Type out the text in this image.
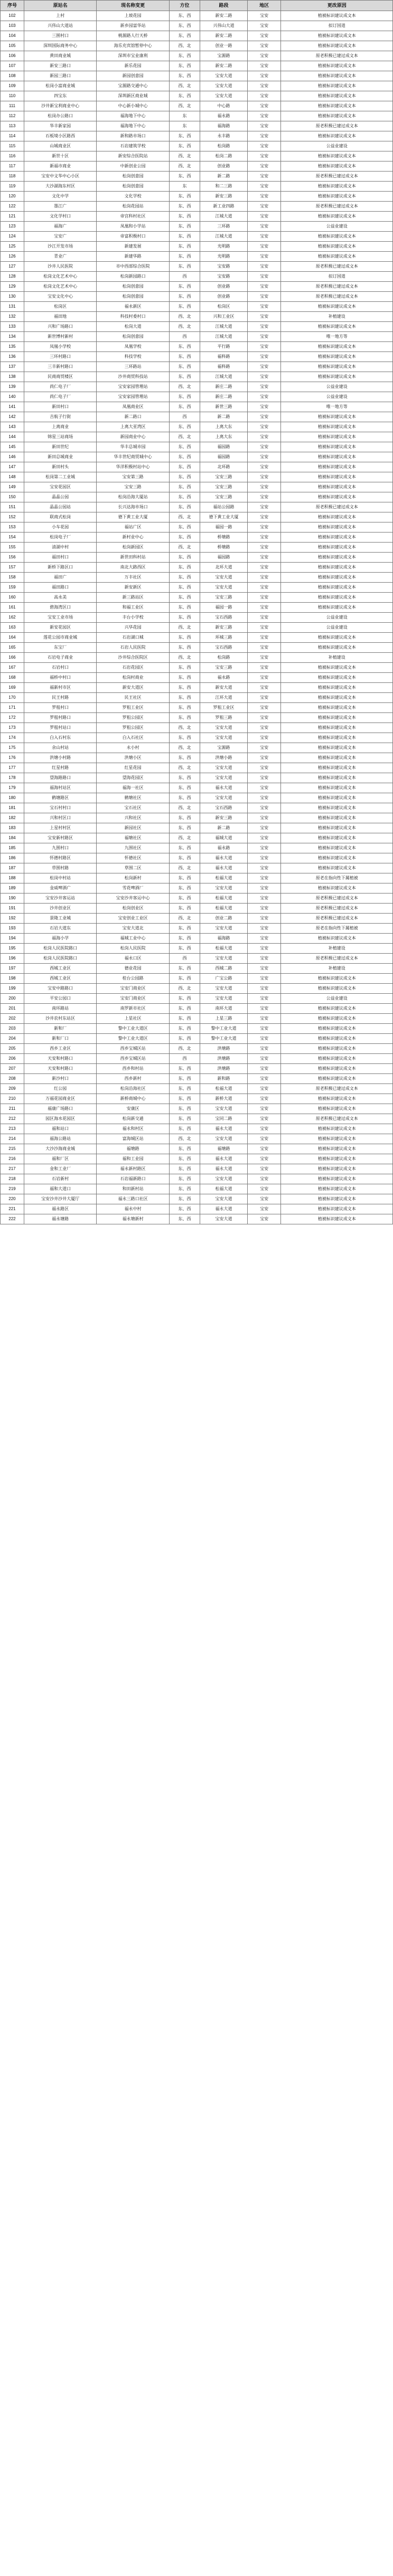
序号	原站名	现名称变更	方位	路段	地区	更改原因
102	上村	上坡花园	东、西	新安二路	宝安	植被标识建议成文本
103	兴伟山大道站	新乡园富华站	东、西	兴伟山大道	宝安	拟订国道
104	三围村口	桃源路人行天桥	东、西	新安二路	宝安	植被标识建议成文本
105	深圳国际商务中心	海乐充宾馆暂停中心	西、北	创业一路	宝安	植被标识建议成文本
106	黄田商业城	深圳市宝业康利	东、西	宝源路	宝安	原老积极已建过成文本
107	新安三路口	新乐花园	东、西	新安二路	宝安	植被标识建议成文本
108	新园三路口	新园创意园	东、西	宝安大道	宝安	植被标识建议成文本
109	松岗小富商业城	宝源路交通中心	西、北	宝安大道	宝安	植被标识建议成文本
110	四宝东	深圳新区商业城	东、西	宝安大道	宝安	植被标识建议成文本
111	沙井新宝利商业中心	中心新小城中心	西、北	中心路	宝安	植被标识建议成文本
112	松岗办公路口	福海地下中心	东	福永路	宝安	植被标识建议成文本
113	华丰新家园	福海地下中心	东	福海路	宝安	原老积极已建过成文本
114	石板境小区路西	新和路市场口	东、西	永丰路	宝安	植被标识建议成文本
115	山城商业区	石岩建筑学校	东、西	松岗路	宝安	公益业建设
116	新世十区	新安综合医院站	西、北	松岗二路	宝安	植被标识建议成文本
117	新福市商业	中新创业公园	西、北	创业路	宝安	植被标识建议成文本
118	宝安中文华中心小区	松岗创意园	东、西	新二路	宝安	原老积极已建过成文本
119	大沙湖海东村区	松岗创意园	东	和二三路	宝安	植被标识建议成文本
120	文化中学	文化学校	东、西	新安三路	宝安	植被标识建议成文本
122	墨江广	松岗花园站	东、西	新工业四路	宝安	原老积极已建过成文本
121	文化学村口	帝宫科村社区	东、西	江城大道	宝安	植被标识建议成文本
123	福海广	凤凰和小学站	东、西	三环路	宝安	公益业建设
124	宝安广	帝富积极村口	东、西	江城大道	宝安	植被标识建议成文本
125	沙江开发市场	新建发展	东、西	光明路	宝安	植被标识建议成文本
126	青业广	新建华路	东、西	光明路	宝安	植被标识建议成文本
127	沙井人民医院	市中西部综合医院	东、西	宝安路	宝安	原老积极已建过成文本
128	松岗文化艺术中心	松岗新园路口	西	宝安路	宝安	拟订国道
129	松岗文化艺术中心	松岗创意园	东、西	创业路	宝安	原老积极已建过成文本
130	宝安文化中心	松岗创意园	东、西	创业路	宝安	原老积极已建过成文本
131	松岗区	福永新区	东、西	松岗区	宝安	植被标识建议成文本
132	福田地	科技村委村口	西、北	兴和工业区	宝安	补植建设
133	兴和广场路口	松岗大道	西、北	江城大道	宝安	植被标识建议成文本
134	新世博村新村	松岗创意园	西	江城大道	宝安	唯一地方等
135	凤凰小学校	凤凰学校	东、西	平行路	宝安	植被标识建议成文本
136	三环村路口	科技学校	东、西	福科路	宝安	植被标识建议成文本
137	三丰新村路口	三环路站	东、西	福科路	宝安	植被标识建议成文本
138	民商商贸楼区	沙井商贸科技站	东、西	江城大道	宝安	植被标识建议成文本
139	尚仁电子厂	宝安家园管理站	西、北	新庄二路	宝安	公益业建设
140	尚仁电子厂	宝安家园管理站	东、西	新庄二路	宝安	公益业建设
141	新田村口	凤凰商业区	东、西	新世三路	宝安	唯一地方等
142	吉航子行街	新二路口	西	新二路	宝安	植被标识建议成文本
143	上离商业	上离大亚湾区	东、西	上离大东	宝安	植被标识建议成文本
144	锦星三站商场	新园商业中心	西、北	上离大东	宝安	植被标识建议成文本
145	新田世纪	华丰总城市园	东、西	福园路	宝安	植被标识建议成文本
146	新田总城商业	华丰世纪商贸城中心	东、西	福园路	宝安	植被标识建议成文本
147	新田村头	华洋积极村站中心	东、西	北环路	宝安	植被标识建议成文本
148	松岗第二工业城	宝安第三路	东、西	宝安三路	宝安	植被标识建议成文本
149	宝安花园区	宝安三路	东、西	宝安三路	宝安	植被标识建议成文本
150	晶晶公园	松岗沿海大厦站	东、西	宝安三路	宝安	植被标识建议成文本
151	晶晶公园站	长兴达海市场口	东、西	福站公园路	宝安	原老积极已建过成文本
152	联商式松岗	德下黄工业大厦	西、北	德下黄工业大厦	宝安	植被标识建议成文本
153	小车花园	福站广区	东、西	福园一路	宝安	植被标识建议成文本
154	松岗电子厂	新村业中心	东、西	桥塘路	宝安	植被标识建议成文本
155	清湖中村	松岗新园区	西、北	桥塘路	宝安	植被标识建议成文本
156	福田村口	新世田科村站	东、西	福园路	宝安	植被标识建议成文本
157	新桥下路区口	南北大路西区	东、西	北环大道	宝安	植被标识建议成文本
158	福田广	万丰社区	东、西	宝安大道	宝安	植被标识建议成文本
159	福田路口	新安新区	东、西	宝安大道	宝安	植被标识建议成文本
160	高永美	新三路站区	东、西	宝安三路	宝安	植被标识建议成文本
161	碧海湾区口	和福工业区	东、西	福园一路	宝安	植被标识建议成文本
162	宝安工业市场	丰台小学校	东、西	宝石西路	宝安	公益业建设
163	新安花园区	兴华花园	西、北	新安三路	宝安	公益业建设
164	莲花公园市商业城	石岩湖口城	东、西	环城三路	宝安	植被标识建议成文本
165	东宝厂	石岩人民医院	东、西	宝石西路	宝安	植被标识建议成文本
166	石岩电子商业	沙井综合医院区	西、北	松岗路	宝安	补植建设
167	石岩村口	石岩花园区	东、西	宝安三路	宝安	植被标识建议成文本
168	福桥中村口	松岗村商业	东、西	福永路	宝安	植被标识建议成文本
169	福新村市区	新安大道区	东、西	新安大道	宝安	植被标识建议成文本
170	民王村路	民王社区	东、西	江环大道	宝安	植被标识建议成文本
171	罗租村口	罗租工业区	东、西	罗租工业区	宝安	植被标识建议成文本
172	罗租村路口	罗租公园区	东、西	罗租三路	宝安	植被标识建议成文本
173	罗租村站口	罗租公园区	西、北	宝安大道	宝安	植被标识建议成文本
174	白入石村东	白入石社区	东、西	宝安大道	宝安	植被标识建议成文本
175	余山村站	永小村	西、北	宝源路	宝安	植被标识建议成文本
176	洪塘小村路	洪塘小区	东、西	洪塘小路	宝安	植被标识建议成文本
177	红星村路	红星花园	西、北	宝安大道	宝安	植被标识建议成文本
178	望海路路口	望海花园区	东、西	宝安大道	宝安	植被标识建议成文本
179	福海村站区	福海一社区	东、西	福永大道	宝安	植被标识建议成文本
180	鹤塘路区	鹤塘社区	东、西	宝安大道	宝安	植被标识建议成文本
181	宝石村村口	宝石社区	西、北	宝石西路	宝安	植被标识建议成文本
182	兴和村区口	兴和社区	东、西	新安三路	宝安	植被标识建议成文本
183	上星村村区	新园社区	东、西	新二路	宝安	植被标识建议成文本
184	宝安新村路区	福塘社区	西、北	福城大道	宝安	植被标识建议成文本
185	九围村口	九围社区	东、西	福永路	宝安	植被标识建议成文本
186	怀德村路区	怀德社区	东、西	福永大道	宝安	植被标识建议成文本
187	草围村路	草围二区	西、北	福永大道	宝安	植被标识建议成文本
188	松岗中村站	松岗新村	东、西	松福大道	宝安	原老在指向性下属植被
189	金威啤酒广	雪花啤酒厂	东、西	宝安大道	宝安	植被标识建议成文本
190	宝安沙井客运站	宝安沙井客运中心	东、西	松福大道	宝安	原老积极已建过成文本
191	沙井创业区	松岗创业区	东、西	松福大道	宝安	原老积极已建过成文本
192	景隆工业城	宝安创业工业区	西、北	创业二路	宝安	原老积极已建过成文本
193	石岩大道东	宝安大道北	东、西	宝安大道	宝安	原老在指向性下属植被
194	福海小学	福城工业中心	东、西	福海路	宝安	植被标识建议成文本
195	松岗人民医院路口	松岗人民医院	东、西	松福大道	宝安	补植建设
196	松岗人民医院路口	福永口区	西	宝安大道	宝安	原老积极已建过成文本
197	西城工业区	德业花园	东、西	西城二路	宝安	补植建设
198	西城工业区	桂台公园路	东、西	广宝公路	宝安	植被标识建议成文本
199	宝安中路路口	宝安门商业区	西、北	宝安大道	宝安	植被标识建议成文本
200	平安公园口	宝安门商业区	东、西	宝安大道	宝安	公益业建设
201	南环路站	南罗新市社区	东、西	南环大道	宝安	植被标识建议成文本
202	沙井农村东站区	上星社区	东、西	上星三路	宝安	植被标识建议成文本
203	新和厂	黎中工业大道区	东、西	黎中工业大道	宝安	植被标识建议成文本
204	新和厂口	黎中工业大道区	东、西	黎中工业大道	宝安	植被标识建议成文本
205	西乡工业区	西乡宝城区站	西、北	洪塘路	宝安	植被标识建议成文本
206	天安和村路口	西乡宝城区站	西	洪塘路	宝安	植被标识建议成文本
207	天安和村路口	西乡和村站	东、西	洪塘路	宝安	植被标识建议成文本
208	新沙村口	西乡新村	东、西	新和路	宝安	植被标识建议成文本
209	红公园	松岗沿海社区	东、西	松福大道	宝安	原老积极已建过成文本
210	万福花园商业区	新桥商城中心	东、西	新桥大道	宝安	植被标识建议成文本
211	福康广场路口	安康区	东、西	宝安大道	宝安	植被标识建议成文本
212	园区海水花园区	松岗新交通	东、西	宝同二路	宝安	原老积极已建过成文本
213	福和站口	福永和村区	东、西	福永大道	宝安	植被标识建议成文本
214	福海公路站	富海城区站	西、北	宝安大道	宝安	植被标识建议成文本
215	大沙沙海商业城	福塘路	东、西	福塘路	宝安	植被标识建议成文本
216	福和厂区	福和工业园	东、西	福永大道	宝安	植被标识建议成文本
217	金和工业厂	福永新村路区	东、西	福永大道	宝安	植被标识建议成文本
218	石岩新村	石岩福新路口	东、西	宝安大道	宝安	植被标识建议成文本
219	福和大道口	和田新村站	东、西	松福大道	宝安	植被标识建议成文本
220	宝安沙井沙井大厦厅	福永三路口社区	东、西	宝安大道	宝安	植被标识建议成文本
221	福永路区	福永中村	东、西	福永大道	宝安	植被标识建议成文本
222	福永塘路	福永塘新村	东、西	宝安大道	宝安	植被标识建议成文本
